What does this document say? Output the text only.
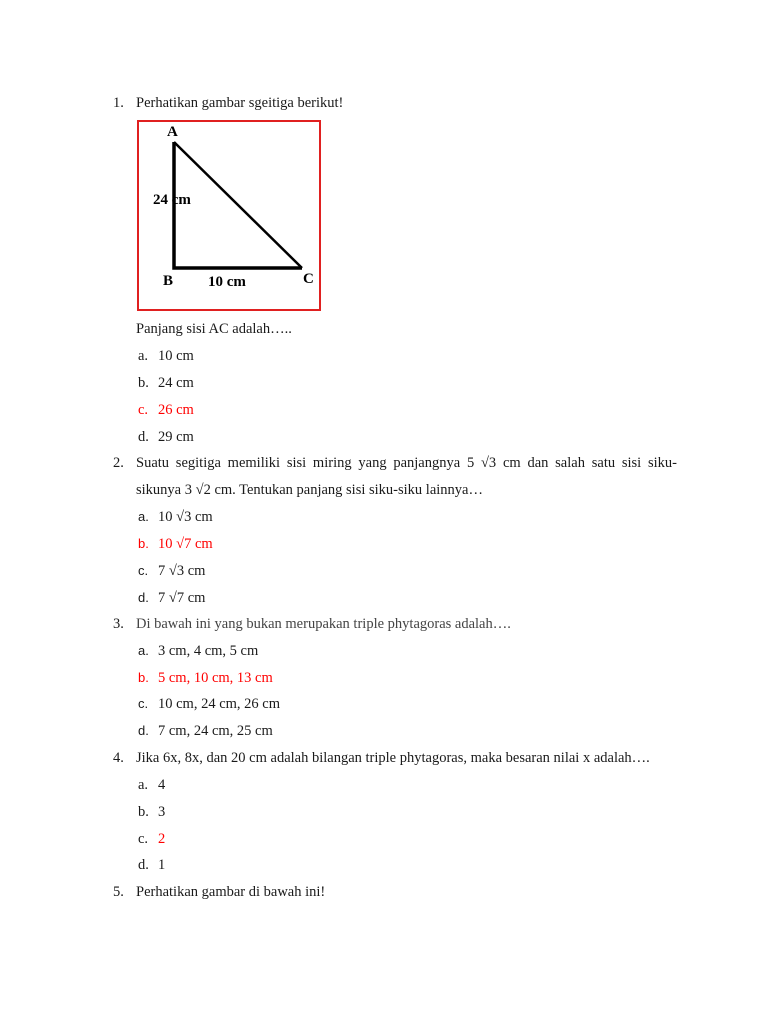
1. Perhatikan gambar sgeitiga berikut!
A
B	C
24 cm
10 cm
Panjang sisi AC adalah…..
a. 10 cm
b. 24 cm
c. 26 cm
d. 29 cm
2. Suatu segitiga memiliki sisi miring yang panjangnya 5 √3 cm dan salah satu sisi siku-
sikunya 3 √2 cm. Tentukan panjang sisi siku-siku lainnya…
a. 10 √3 cm
b. 10 √7 cm
c. 7 √3 cm
d. 7 √7 cm
3. Di bawah ini yang bukan merupakan triple phytagoras adalah….
a. 3 cm, 4 cm, 5 cm
b. 5 cm, 10 cm, 13 cm
c. 10 cm, 24 cm, 26 cm
d. 7 cm, 24 cm, 25 cm
4. Jika 6x, 8x, dan 20 cm adalah bilangan triple phytagoras, maka besaran nilai x adalah….
a. 4
b. 3
c. 2
d. 1
5. Perhatikan gambar di bawah ini!
